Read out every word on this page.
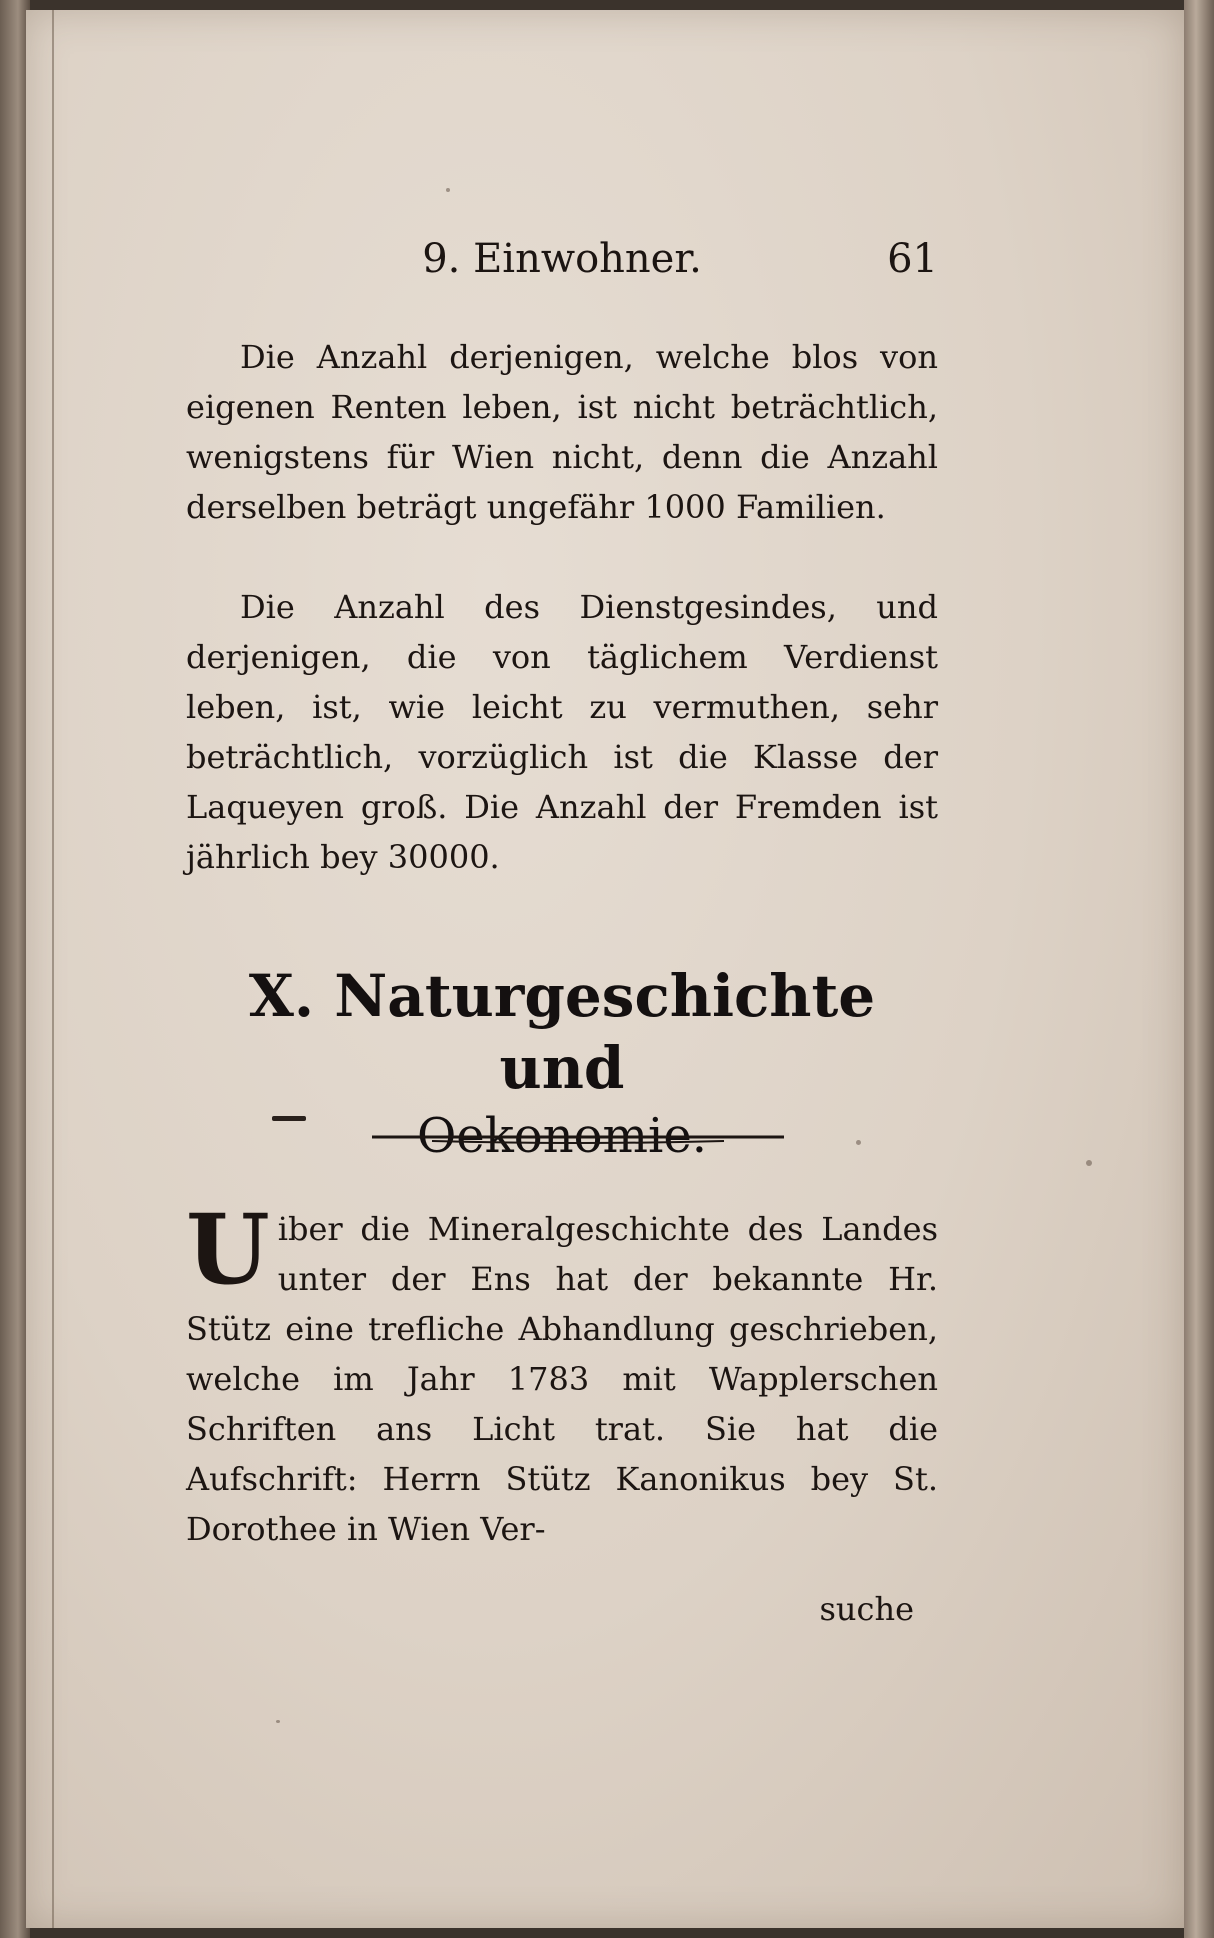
9. Einwohner.	61

Die Anzahl derjenigen, welche blos von eigenen Renten leben, ist nicht beträchtlich, wenigstens für Wien nicht, denn die Anzahl derselben beträgt ungefähr 1000 Familien.

Die Anzahl des Dienstgesindes, und derjenigen, die von täglichem Verdienst leben, ist, wie leicht zu vermuthen, sehr beträchtlich, vorzüglich ist die Klasse der Laqueyen groß. Die Anzahl der Fremden ist jährlich bey 30000.

X. Naturgeschichte und
Oekonomie.

Uiber die Mineralgeschichte des Landes unter der Ens hat der bekannte Hr. Stütz eine trefliche Abhandlung geschrieben, welche im Jahr 1783 mit Wapplerschen Schriften ans Licht trat. Sie hat die Aufschrift: Herrn Stütz Kanonikus bey St. Dorothee in Wien Ver-

suche
